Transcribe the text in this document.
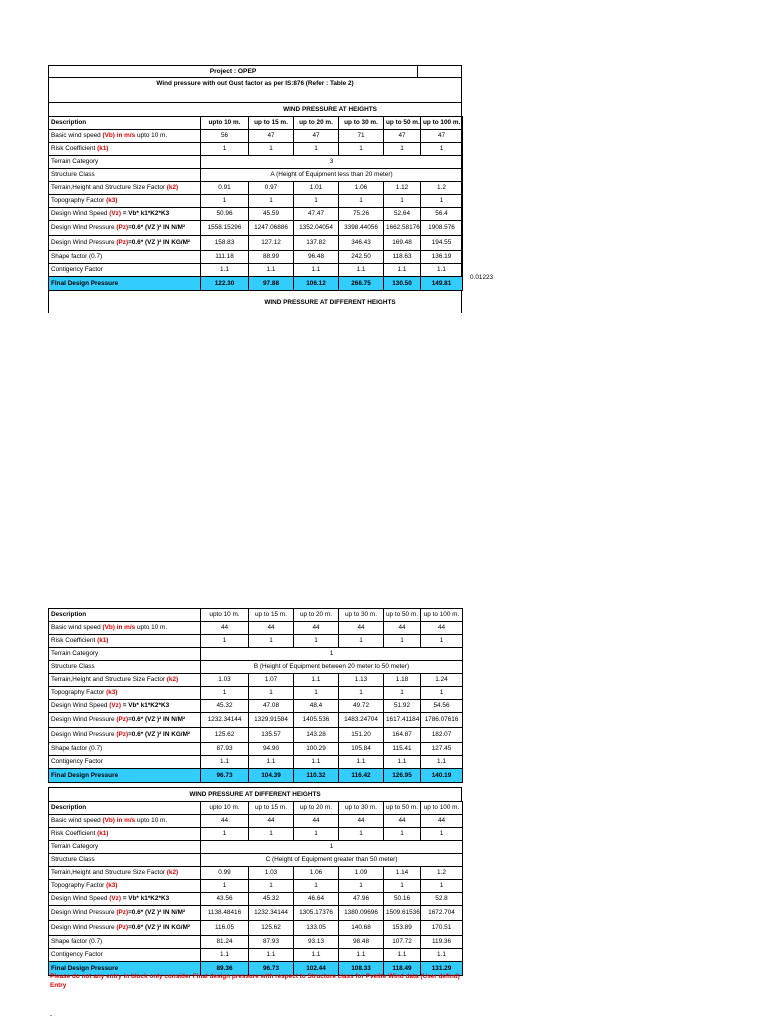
Project : OPEP
Wind pressure with out Gust factor as per IS:876 (Refer : Table 2)
WIND PRESSURE AT HEIGHTS
Description	upto 10 m.	up to 15 m.	up to 20 m.	up to 30 m.	up to 50 m.	up to 100 m.
Basic wind speed (Vb) in m/s upto 10 m.	56	47	47	71	47	47
Risk Coefficient (k1)	1	1	1	1	1	1
Terrain Category	3					
Structure Class	A (Height of Equipment less than 20 meter)					
Terrain,Height and Structure Size Factor (k2)	0.91	0.97	1.01	1.06	1.12	1.2
Topography Factor (k3)	1	1	1	1	1	1
Design Wind Speed (Vz) = Vb* k1*K2*K3	50.96	45.59	47.47	75.26	52.64	56.4
Design Wind Pressure (Pz)=0.6* (VZ )² IN N/M²	1558.15296	1247.06886	1352.04054	3398.44056	1662.58176	1908.576
Design Wind Pressure (Pz)=0.6* (VZ )² IN KG/M²	158.83	127.12	137.82	346.43	169.48	194.55
Shape factor (0.7)	111.18	88.99	96.48	242.50	118.63	136.19
Contigency Factor	1.1	1.1	1.1	1.1	1.1	1.1
Final Design Pressure	122.30	97.88	106.12	266.75	130.50	149.81
0.01223
WIND PRESSURE AT DIFFERENT HEIGHTS
Description	upto 10 m.	up to 15 m.	up to 20 m.	up to 30 m.	up to 50 m.	up to 100 m.
Basic wind speed (Vb) in m/s upto 10 m.	44	44	44	44	44	44
Risk Coefficient (k1)	1	1	1	1	1	1
Terrain Category	1					
Structure Class	B (Height of Equipment between 20 meter to 50 meter)					
Terrain,Height and Structure Size Factor (k2)	1.03	1.07	1.1	1.13	1.18	1.24
Topography Factor (k3)	1	1	1	1	1	1
Design Wind Speed (Vz) = Vb* k1*K2*K3	45.32	47.08	48.4	49.72	51.92	54.56
Design Wind Pressure (Pz)=0.6* (VZ )² IN N/M²	1232.34144	1329.91584	1405.536	1483.24704	1617.41184	1786.07616
Design Wind Pressure (Pz)=0.6* (VZ )² IN KG/M²	125.62	135.57	143.28	151.20	164.87	182.07
Shape factor (0.7)	87.93	94.90	100.29	105.84	115.41	127.45
Contigency Factor	1.1	1.1	1.1	1.1	1.1	1.1
Final Design Pressure	96.73	104.39	110.32	116.42	126.95	140.19
WIND PRESSURE AT DIFFERENT HEIGHTS
Description	upto 10 m.	up to 15 m.	up to 20 m.	up to 30 m.	up to 50 m.	up to 100 m.
Basic wind speed (Vb) in m/s upto 10 m.	44	44	44	44	44	44
Risk Coefficient (k1)	1	1	1	1	1	1
Terrain Category	1					
Structure Class	C (Height of Equipment greater than 50 meter)					
Terrain,Height and Structure Size Factor (k2)	0.99	1.03	1.06	1.09	1.14	1.2
Topography Factor (k3)	1	1	1	1	1	1
Design Wind Speed (Vz) = Vb* k1*K2*K3	43.56	45.32	46.64	47.96	50.16	52.8
Design Wind Pressure (Pz)=0.6* (VZ )² IN N/M²	1138.48416	1232.34144	1305.17376	1380.09696	1509.61536	1672.704
Design Wind Pressure (Pz)=0.6* (VZ )² IN KG/M²	116.05	125.62	133.05	140.68	153.89	170.51
Shape factor (0.7)	81.24	87.93	93.13	98.48	107.72	119.36
Contigency Factor	1.1	1.1	1.1	1.1	1.1	1.1
Final Design Pressure	89.36	96.73	102.44	108.33	118.49	131.29
Please do not any entry in block only consider Final design pressure with respect to Structure class for Pvelite Wind data (User defind) Entry
-
